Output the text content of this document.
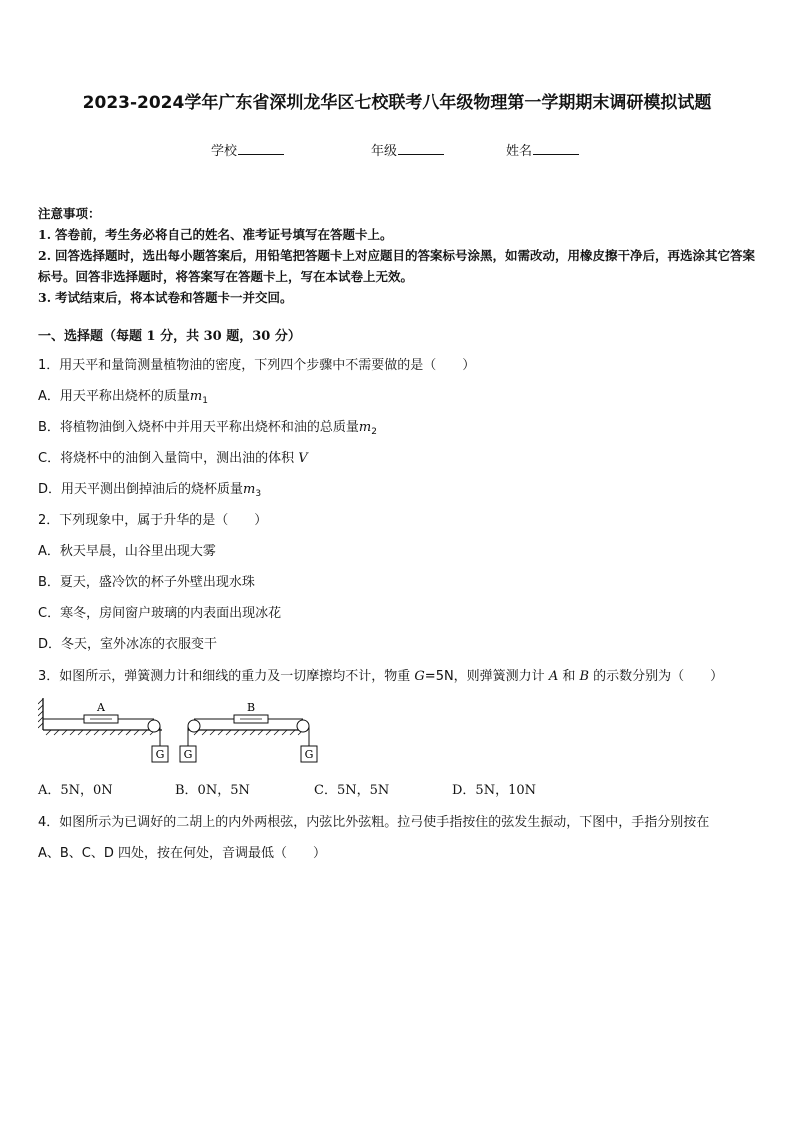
2023-2024学年广东省深圳龙华区七校联考八年级物理第一学期期末调研模拟试题
学校	年级	姓名

注意事项：

1. 答卷前，考生务必将自己的姓名、准考证号填写在答题卡上。

2. 回答选择题时，选出每小题答案后，用铅笔把答题卡上对应题目的答案标号涂黑，如需改动，用橡皮擦干净后，再选涂其它答案标号。回答非选择题时，将答案写在答题卡上，写在本试卷上无效。

3. 考试结束后，将本试卷和答题卡一并交回。

一、选择题（每题 1 分，共 30 题，30 分）
1．用天平和量筒测量植物油的密度，下列四个步骤中不需要做的是（　　）
A．用天平称出烧杯的质量$m_1$
B．将植物油倒入烧杯中并用天平称出烧杯和油的总质量$m_2$
C．将烧杯中的油倒入量筒中，测出油的体积 V
D．用天平测出倒掉油后的烧杯质量$m_3$
2．下列现象中，属于升华的是（　　）
A．秋天早晨，山谷里出现大雾
B．夏天，盛冷饮的杯子外壁出现水珠
C．寒冬，房间窗户玻璃的内表面出现冰花
D．冬天，室外冰冻的衣服变干
3．如图所示，弹簧测力计和细线的重力及一切摩擦均不计，物重 G=5N，则弹簧测力计 A 和 B 的示数分别为（　　）
A
G G
B
G
A．5N，0N	B．0N，5N	C．5N，5N	D．5N，10N
4．如图所示为已调好的二胡上的内外两根弦，内弦比外弦粗。拉弓使手指按住的弦发生振动，下图中，手指分别按在
A、B、C、D 四处，按在何处，音调最低（　　）
